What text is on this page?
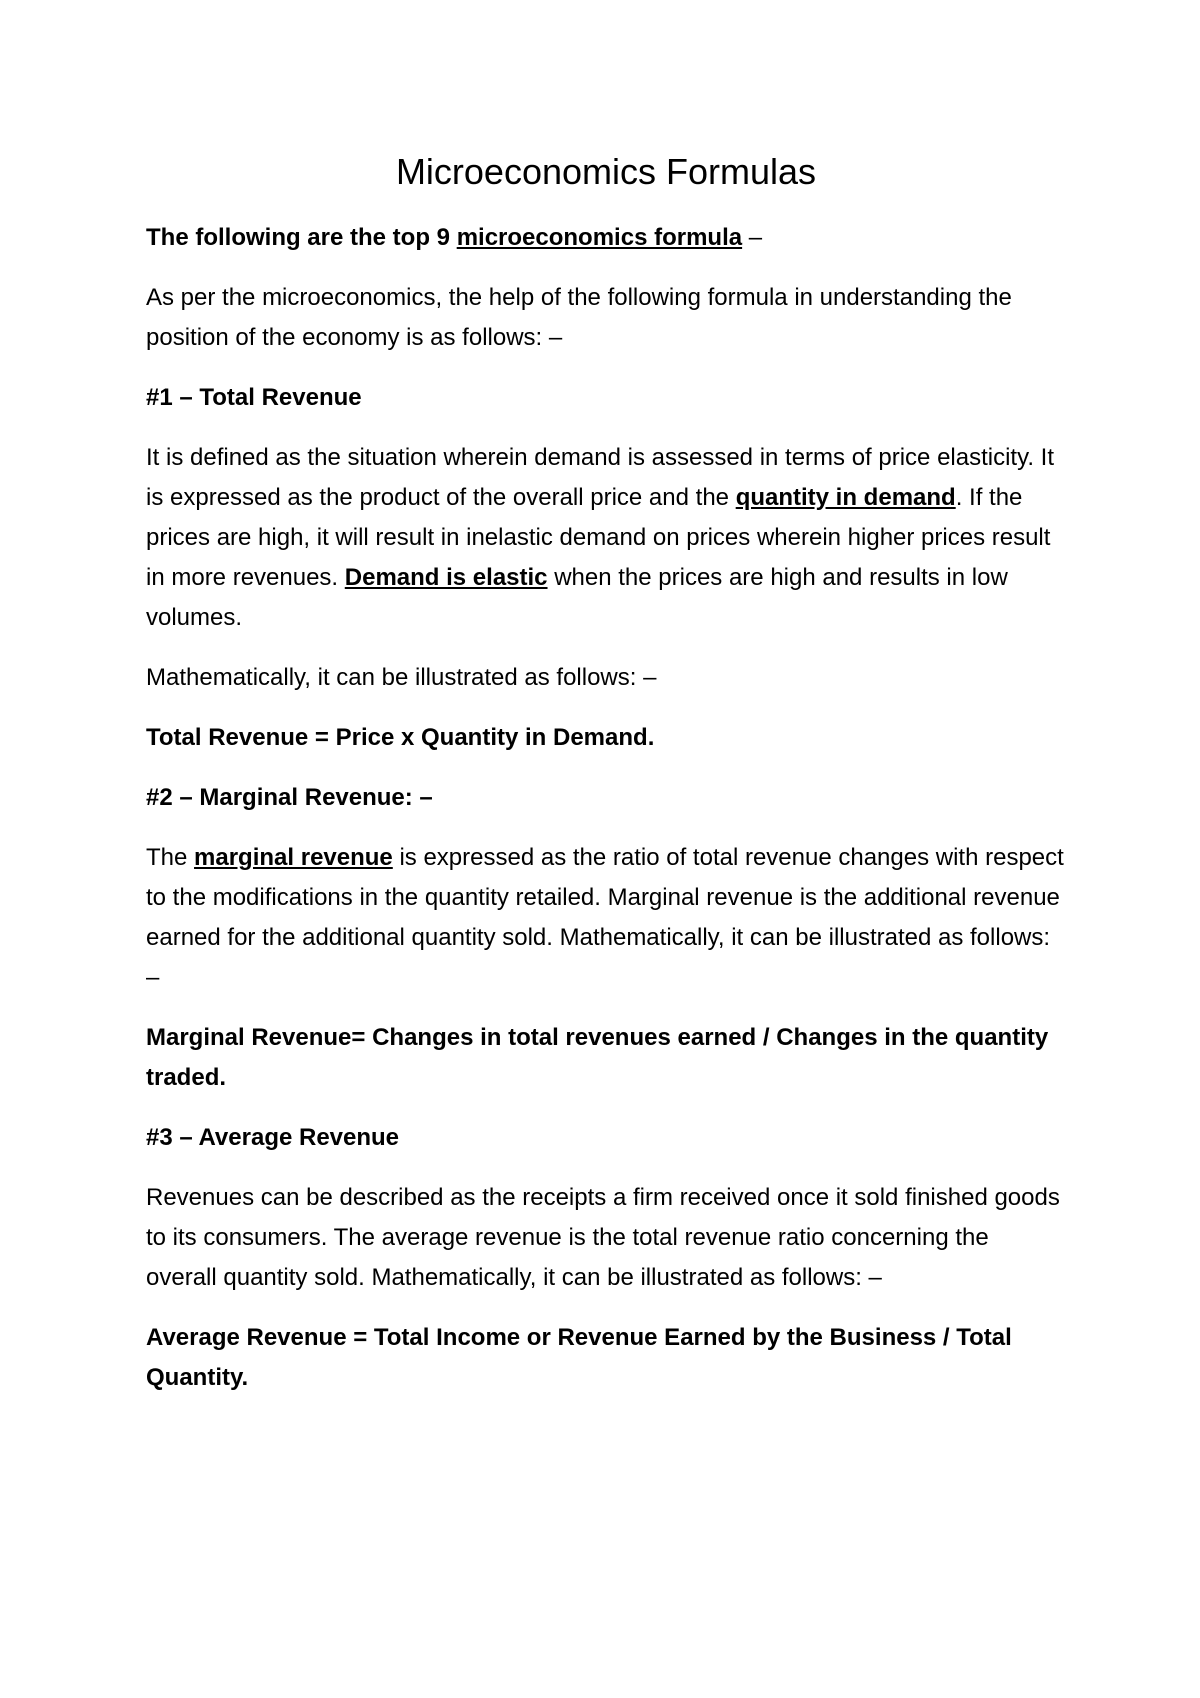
Microeconomics Formulas

The following are the top 9 microeconomics formula –

As per the microeconomics, the help of the following formula in understanding the position of the economy is as follows: –

#1 – Total Revenue

It is defined as the situation wherein demand is assessed in terms of price elasticity. It is expressed as the product of the overall price and the quantity in demand. If the prices are high, it will result in inelastic demand on prices wherein higher prices result in more revenues. Demand is elastic when the prices are high and results in low volumes.

Mathematically, it can be illustrated as follows: –

Total Revenue = Price x Quantity in Demand.

#2 – Marginal Revenue: –

The marginal revenue is expressed as the ratio of total revenue changes with respect to the modifications in the quantity retailed. Marginal revenue is the additional revenue earned for the additional quantity sold. Mathematically, it can be illustrated as follows: –

Marginal Revenue= Changes in total revenues earned / Changes in the quantity traded.

#3 – Average Revenue

Revenues can be described as the receipts a firm received once it sold finished goods to its consumers. The average revenue is the total revenue ratio concerning the overall quantity sold. Mathematically, it can be illustrated as follows: –

Average Revenue = Total Income or Revenue Earned by the Business / Total Quantity.
